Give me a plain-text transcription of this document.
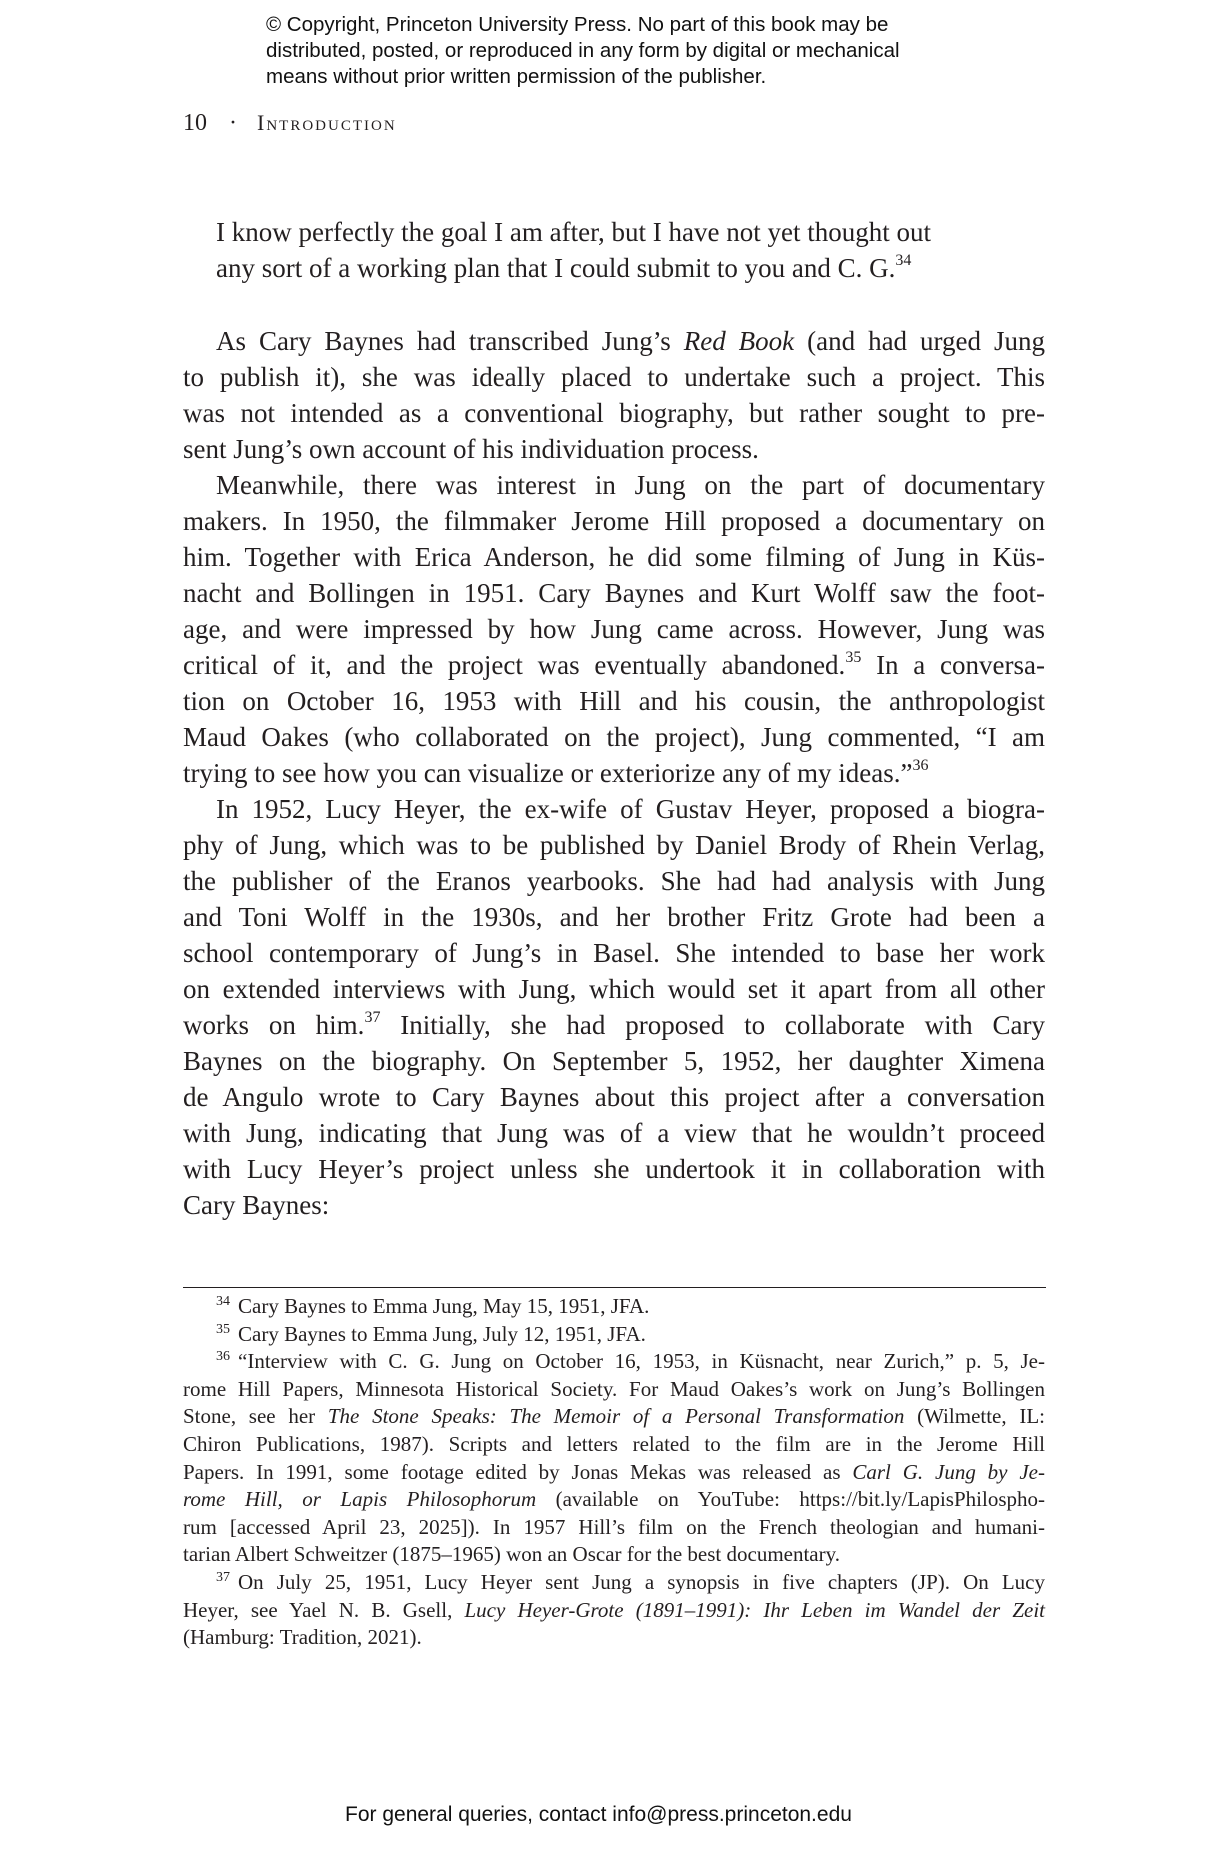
© Copyright, Princeton University Press. No part of this book may be
distributed, posted, or reproduced in any form by digital or mechanical
means without prior written permission of the publisher.
10 · Introduction
I know perfectly the goal I am after, but I have not yet thought out
any sort of a working plan that I could submit to you and C. G.$^{34}$
As Cary Baynes had transcribed Jung’s Red Book (and had urged Jung
to publish it), she was ideally placed to undertake such a project. This
was not intended as a conventional biography, but rather sought to pre-
sent Jung’s own account of his individuation process.
Meanwhile, there was interest in Jung on the part of documentary
makers. In 1950, the filmmaker Jerome Hill proposed a documentary on
him. Together with Erica Anderson, he did some filming of Jung in Küs-
nacht and Bollingen in 1951. Cary Baynes and Kurt Wolff saw the foot-
age, and were impressed by how Jung came across. However, Jung was
critical of it, and the project was eventually abandoned.$^{35}$ In a conversa-
tion on October 16, 1953 with Hill and his cousin, the anthropologist
Maud Oakes (who collaborated on the project), Jung commented, “I am
trying to see how you can visualize or exteriorize any of my ideas.”$^{36}$
In 1952, Lucy Heyer, the ex-wife of Gustav Heyer, proposed a biogra-
phy of Jung, which was to be published by Daniel Brody of Rhein Verlag,
the publisher of the Eranos yearbooks. She had had analysis with Jung
and Toni Wolff in the 1930s, and her brother Fritz Grote had been a
school contemporary of Jung’s in Basel. She intended to base her work
on extended interviews with Jung, which would set it apart from all other
works on him.$^{37}$ Initially, she had proposed to collaborate with Cary
Baynes on the biography. On September 5, 1952, her daughter Ximena
de Angulo wrote to Cary Baynes about this project after a conversation
with Jung, indicating that Jung was of a view that he wouldn’t proceed
with Lucy Heyer’s project unless she undertook it in collaboration with
Cary Baynes:
$^{34}$ Cary Baynes to Emma Jung, May 15, 1951, JFA.
$^{35}$ Cary Baynes to Emma Jung, July 12, 1951, JFA.
$^{36}$ “Interview with C. G. Jung on October 16, 1953, in Küsnacht, near Zurich,” p. 5, Je-
rome Hill Papers, Minnesota Historical Society. For Maud Oakes’s work on Jung’s Bollingen
Stone, see her The Stone Speaks: The Memoir of a Personal Transformation (Wilmette, IL:
Chiron Publications, 1987). Scripts and letters related to the film are in the Jerome Hill
Papers. In 1991, some footage edited by Jonas Mekas was released as Carl G. Jung by Je-
rome Hill, or Lapis Philosophorum (available on YouTube: https://bit.ly/LapisPhilospho-
rum [accessed April 23, 2025]). In 1957 Hill’s film on the French theologian and humani-
tarian Albert Schweitzer (1875–1965) won an Oscar for the best documentary.
$^{37}$ On July 25, 1951, Lucy Heyer sent Jung a synopsis in five chapters (JP). On Lucy
Heyer, see Yael N. B. Gsell, Lucy Heyer-Grote (1891–1991): Ihr Leben im Wandel der Zeit
(Hamburg: Tradition, 2021).
For general queries, contact info@press.princeton.edu
